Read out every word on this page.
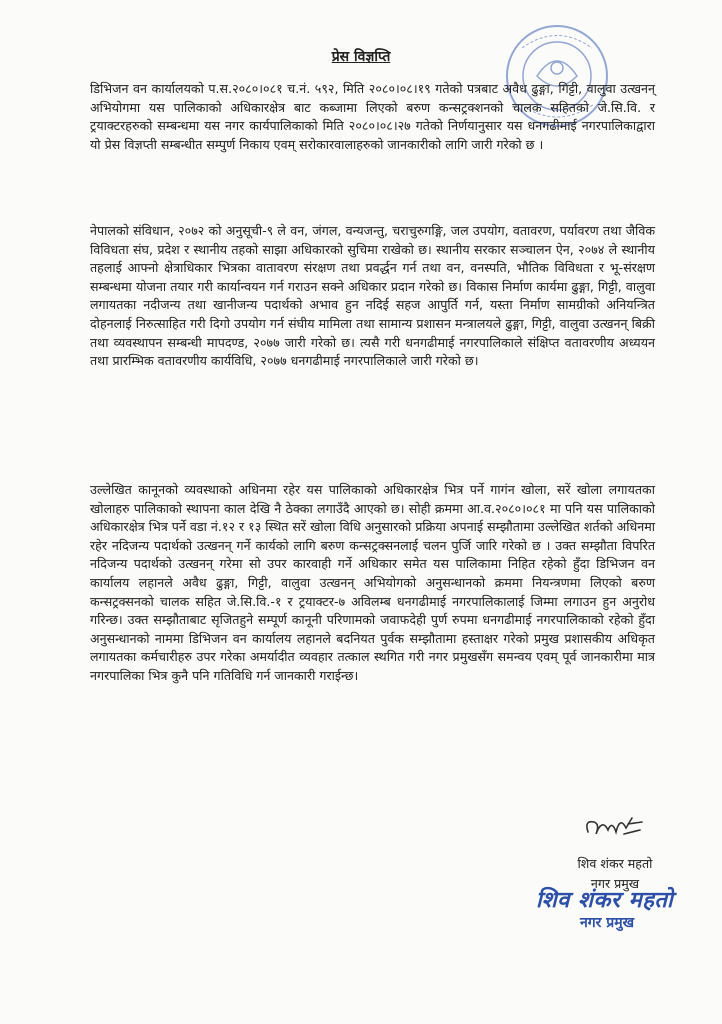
प्रेस विज्ञप्ति

डिभिजन वन कार्यालयको प.स.२०८०।०८१ च.नं. ५९२, मिति २०८०।०८।१९ गतेको पत्रबाट अवैध ढुङ्गा, गिट्टी, वालुवा उत्खनन् अभियोगमा यस पालिकाको अधिकारक्षेत्र बाट कब्जामा लिएको बरुण कन्सट्रक्शनको चालक सहितको जे.सि.वि. र ट्रयाक्टरहरुको सम्बन्धमा यस नगर कार्यपालिकाको मिति २०८०।०८।२७ गतेको निर्णयानुसार यस धनगढीमाई नगरपालिकाद्वारा यो प्रेस विज्ञप्ती सम्बन्धीत सम्पुर्ण निकाय एवम् सरोकारवालाहरुको जानकारीको लागि जारी गरेको छ ।

नेपालको संविधान, २०७२ को अनुसूची-९ ले वन, जंगल, वन्यजन्तु, चराचुरुगङ्गि, जल उपयोग, वतावरण, पर्यावरण तथा जैविक विविधता संघ, प्रदेश र स्थानीय तहको साझा अधिकारको सुचिमा राखेको छ। स्थानीय सरकार सञ्चालन ऐन, २०७४ ले स्थानीय तहलाई आफ्नो क्षेत्राधिकार भित्रका वातावरण संरक्षण तथा प्रवर्द्धन गर्न तथा वन, वनस्पति, भौतिक विविधता र भू-संरक्षण सम्बन्धमा योजना तयार गरी कार्यान्वयन गर्न गराउन सक्ने अधिकार प्रदान गरेको छ। विकास निर्माण कार्यमा ढुङ्गा, गिट्टी, वालुवा लगायतका नदीजन्य तथा खानीजन्य पदार्थको अभाव हुन नदिई सहज आपुर्ति गर्न, यस्ता निर्माण सामग्रीको अनियन्त्रित दोहनलाई निरुत्साहित गरी दिगो उपयोग गर्न संघीय मामिला तथा सामान्य प्रशासन मन्त्रालयले ढुङ्गा, गिट्टी, वालुवा उत्खनन् बिक्री तथा व्यवस्थापन सम्बन्धी मापदण्ड, २०७७ जारी गरेको छ। त्यसै गरी धनगढीमाई नगरपालिकाले संक्षिप्त वतावरणीय अध्ययन तथा प्रारम्भिक वतावरणीय कार्यविधि, २०७७ धनगढीमाई नगरपालिकाले जारी गरेको छ।

उल्लेखित कानूनको व्यवस्थाको अधिनमा रहेर यस पालिकाको अधिकारक्षेत्र भित्र पर्ने गागंन खोला, सरें खोला लगायतका खोलाहरु पालिकाको स्थापना काल देखि नै ठेक्का लगाउँदै आएको छ। सोही क्रममा आ.व.२०८०।०८१ मा पनि यस पालिकाको अधिकारक्षेत्र भित्र पर्ने वडा नं.१२ र १३ स्थित सरें खोला विधि अनुसारको प्रक्रिया अपनाई सम्झौतामा उल्लेखित शर्तको अधिनमा रहेर नदिजन्य पदार्थको उत्खनन् गर्ने कार्यको लागि बरुण कन्सट्रक्सनलाई चलन पुर्जि जारि गरेको छ । उक्त सम्झौता विपरित नदिजन्य पदार्थको उत्खनन् गरेमा सो उपर कारवाही गर्ने अधिकार समेत यस पालिकामा निहित रहेको हुँदा डिभिजन वन कार्यालय लहानले अवैध ढुङ्गा, गिट्टी, वालुवा उत्खनन् अभियोगको अनुसन्धानको क्रममा नियन्त्रणमा लिएको बरुण कन्सट्रक्सनको चालक सहित जे.सि.वि.-१ र ट्रयाक्टर-७ अविलम्ब धनगढीमाई नगरपालिकालाई जिम्मा लगाउन हुन अनुरोध गरिन्छ। उक्त सम्झौताबाट सृजितहुने सम्पूर्ण कानूनी परिणामको जवाफदेही पुर्ण रुपमा धनगढीमाई नगरपालिकाको रहेको हुँदा अनुसन्धानको नाममा डिभिजन वन कार्यालय लहानले बदनियत पुर्वक सम्झौतामा हस्ताक्षर गरेको प्रमुख प्रशासकीय अधिकृत लगायतका कर्मचारीहरु उपर गरेका अमर्यादीत व्यवहार तत्काल स्थगित गरी नगर प्रमुखसँग समन्वय एवम् पूर्व जानकारीमा मात्र नगरपालिका भित्र कुनै पनि गतिविधि गर्न जानकारी गराईन्छ।

शिव शंकर महतो
नगर प्रमुख
शिव शंकर महतो
नगर प्रमुख
